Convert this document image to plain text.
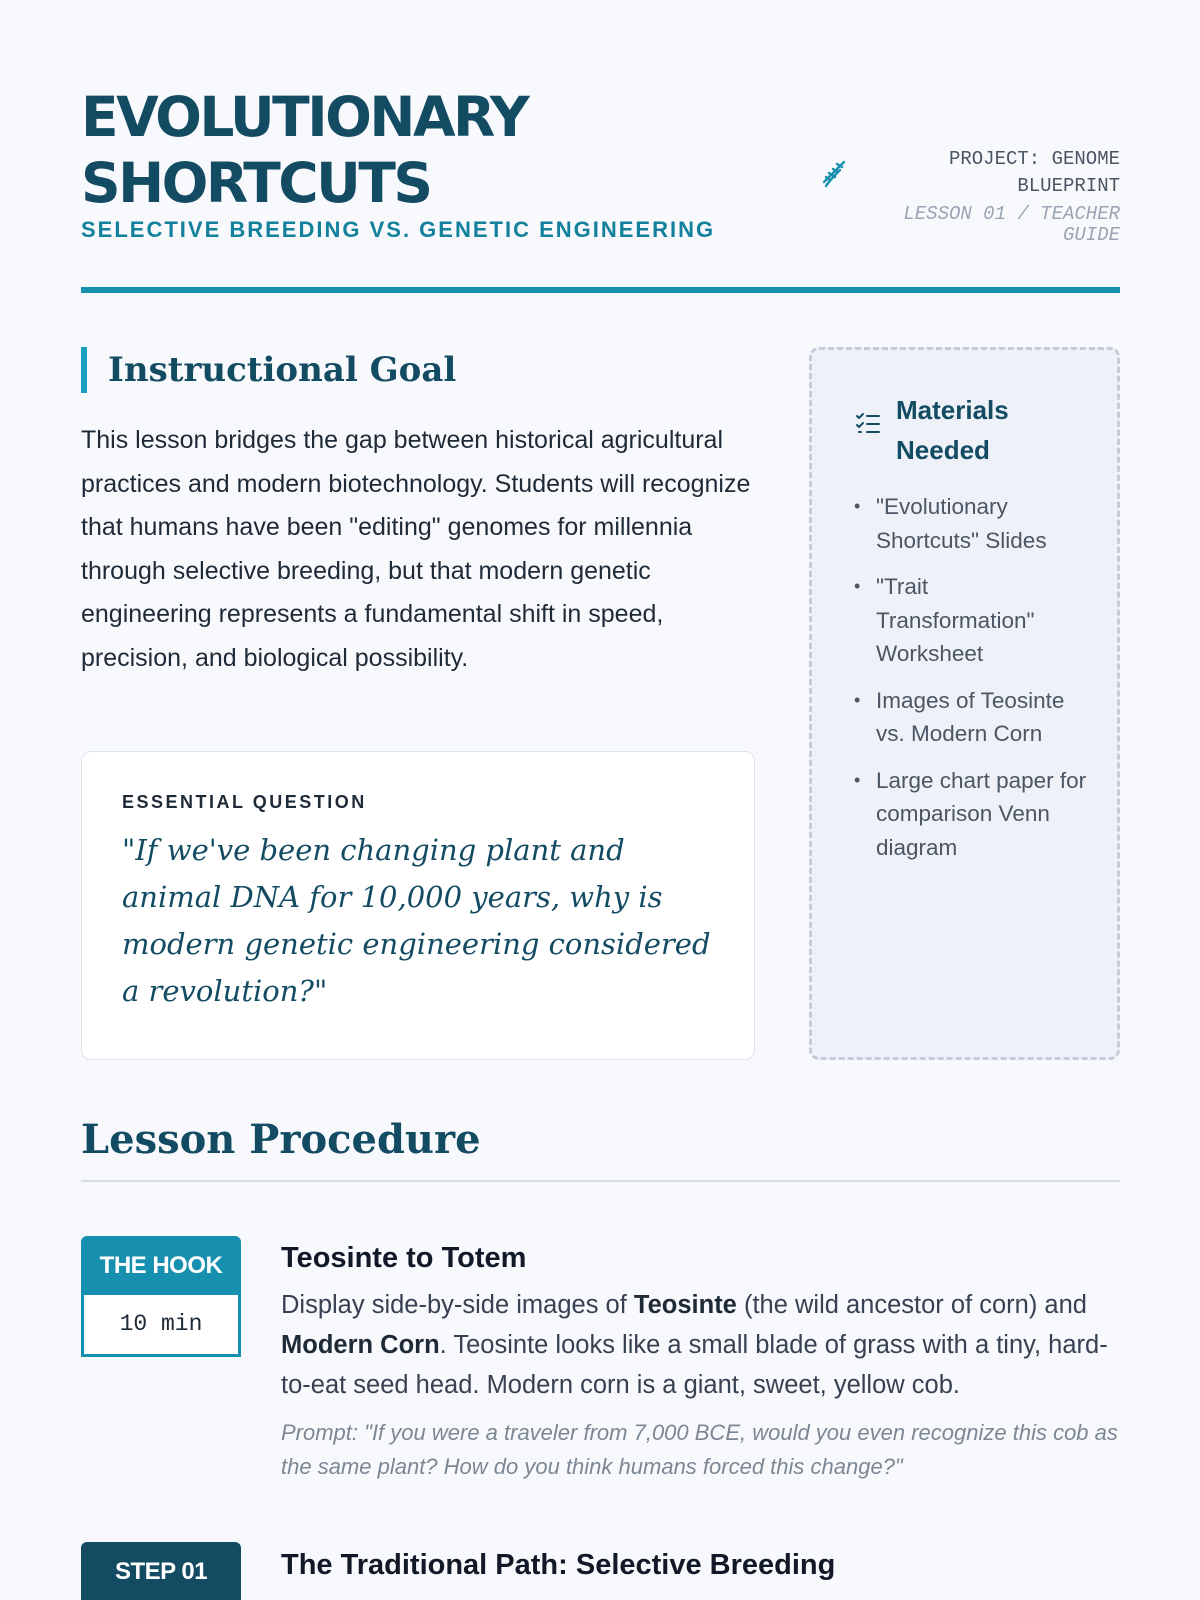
EVOLUTIONARY
SHORTCUTS
SELECTIVE BREEDING VS. GENETIC ENGINEERING
PROJECT: GENOME BLUEPRINT
LESSON 01 / TEACHER GUIDE
Instructional Goal

This lesson bridges the gap between historical agricultural practices and modern biotechnology. Students will recognize that humans have been "editing" genomes for millennia through selective breeding, but that modern genetic engineering represents a fundamental shift in speed, precision, and biological possibility.

ESSENTIAL QUESTION
"If we've been changing plant and animal DNA for 10,000 years, why is modern genetic engineering considered a revolution?"
Materials Needed
• "Evolutionary Shortcuts" Slides
• "Trait Transformation" Worksheet
• Images of Teosinte vs. Modern Corn
• Large chart paper for comparison Venn diagram
Lesson Procedure
THE HOOK
10 min
Teosinte to Totem

Display side-by-side images of Teosinte (the wild ancestor of corn) and Modern Corn. Teosinte looks like a small blade of grass with a tiny, hard-to-eat seed head. Modern corn is a giant, sweet, yellow cob.

Prompt: "If you were a traveler from 7,000 BCE, would you even recognize this cob as the same plant? How do you think humans forced this change?"

STEP 01	The Traditional Path: Selective Breeding
